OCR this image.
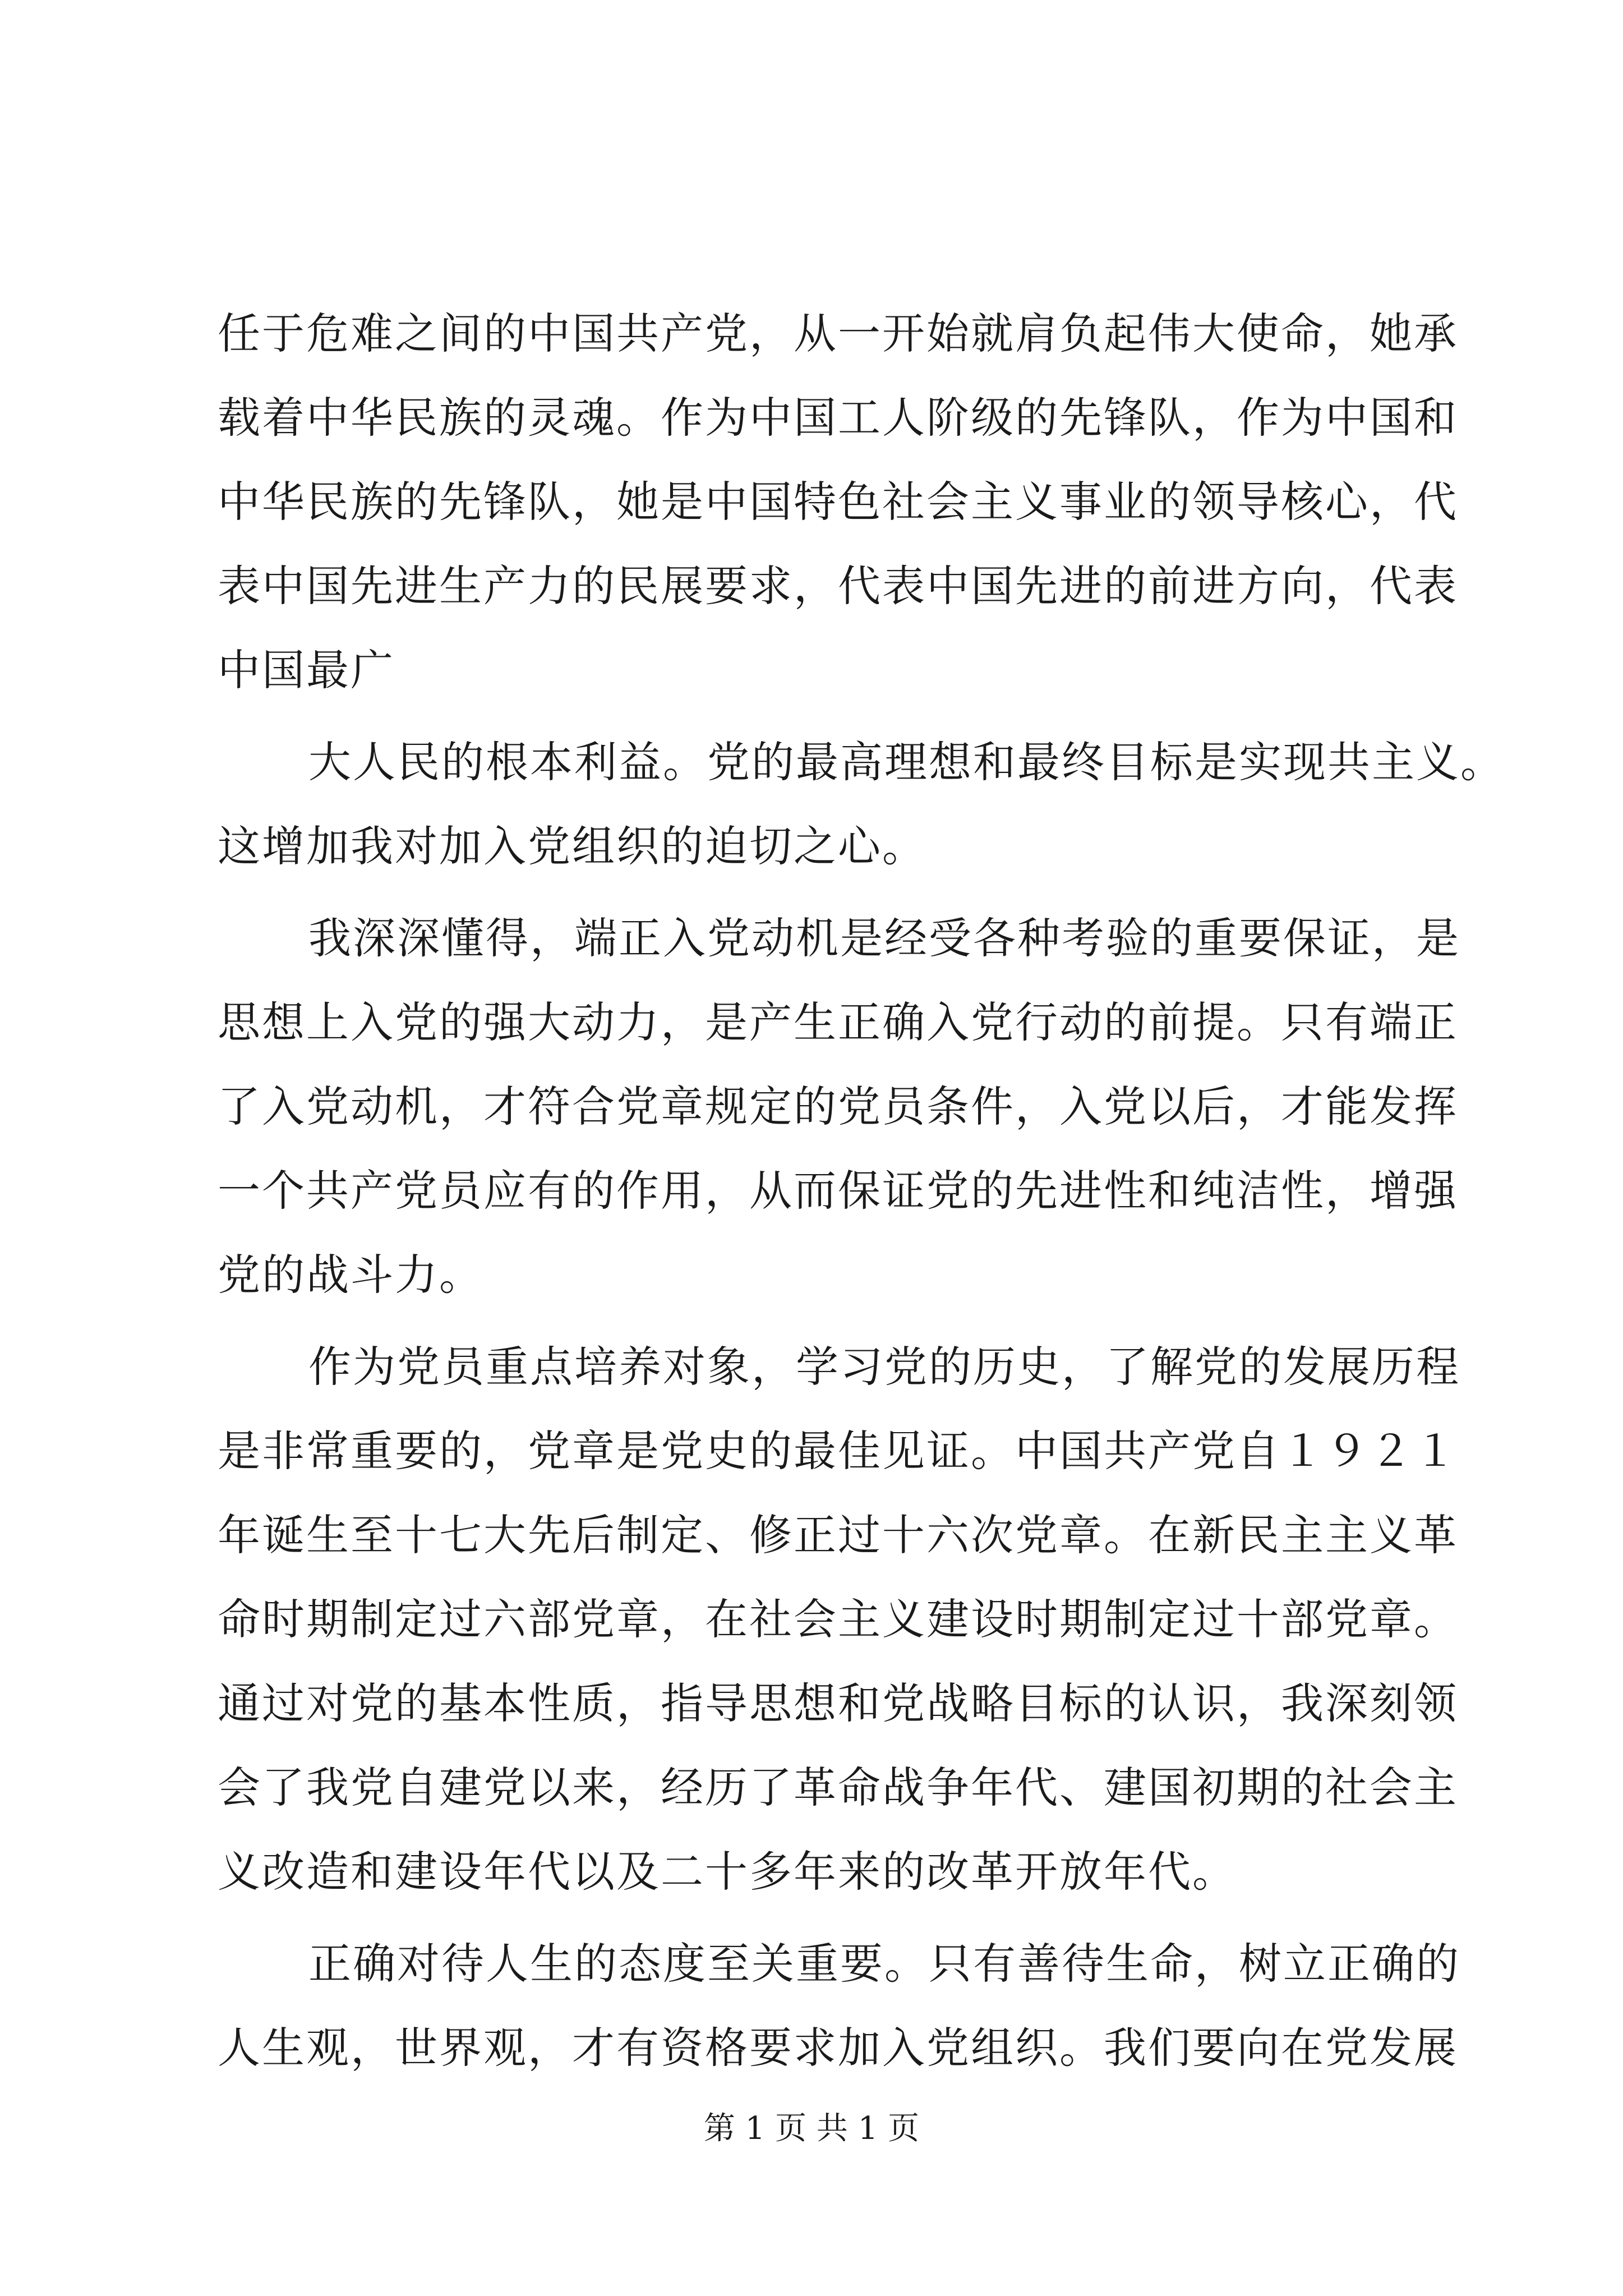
任于危难之间的中国共产党，从一开始就肩负起伟大使命，她承
载着中华民族的灵魂。作为中国工人阶级的先锋队，作为中国和
中华民族的先锋队，她是中国特色社会主义事业的领导核心，代
表中国先进生产力的民展要求，代表中国先进的前进方向，代表
中国最广
大人民的根本利益。党的最高理想和最终目标是实现共主义。
这增加我对加入党组织的迫切之心。
我深深懂得，端正入党动机是经受各种考验的重要保证，是
思想上入党的强大动力，是产生正确入党行动的前提。只有端正
了入党动机，才符合党章规定的党员条件，入党以后，才能发挥
一个共产党员应有的作用，从而保证党的先进性和纯洁性，增强
党的战斗力。
作为党员重点培养对象，学习党的历史，了解党的发展历程
是非常重要的，党章是党史的最佳见证。中国共产党自１９２１
年诞生至十七大先后制定、修正过十六次党章。在新民主主义革
命时期制定过六部党章，在社会主义建设时期制定过十部党章。
通过对党的基本性质，指导思想和党战略目标的认识，我深刻领
会了我党自建党以来，经历了革命战争年代、建国初期的社会主
义改造和建设年代以及二十多年来的改革开放年代。
正确对待人生的态度至关重要。只有善待生命，树立正确的
人生观，世界观，才有资格要求加入党组织。我们要向在党发展
第 1 页 共 1 页
